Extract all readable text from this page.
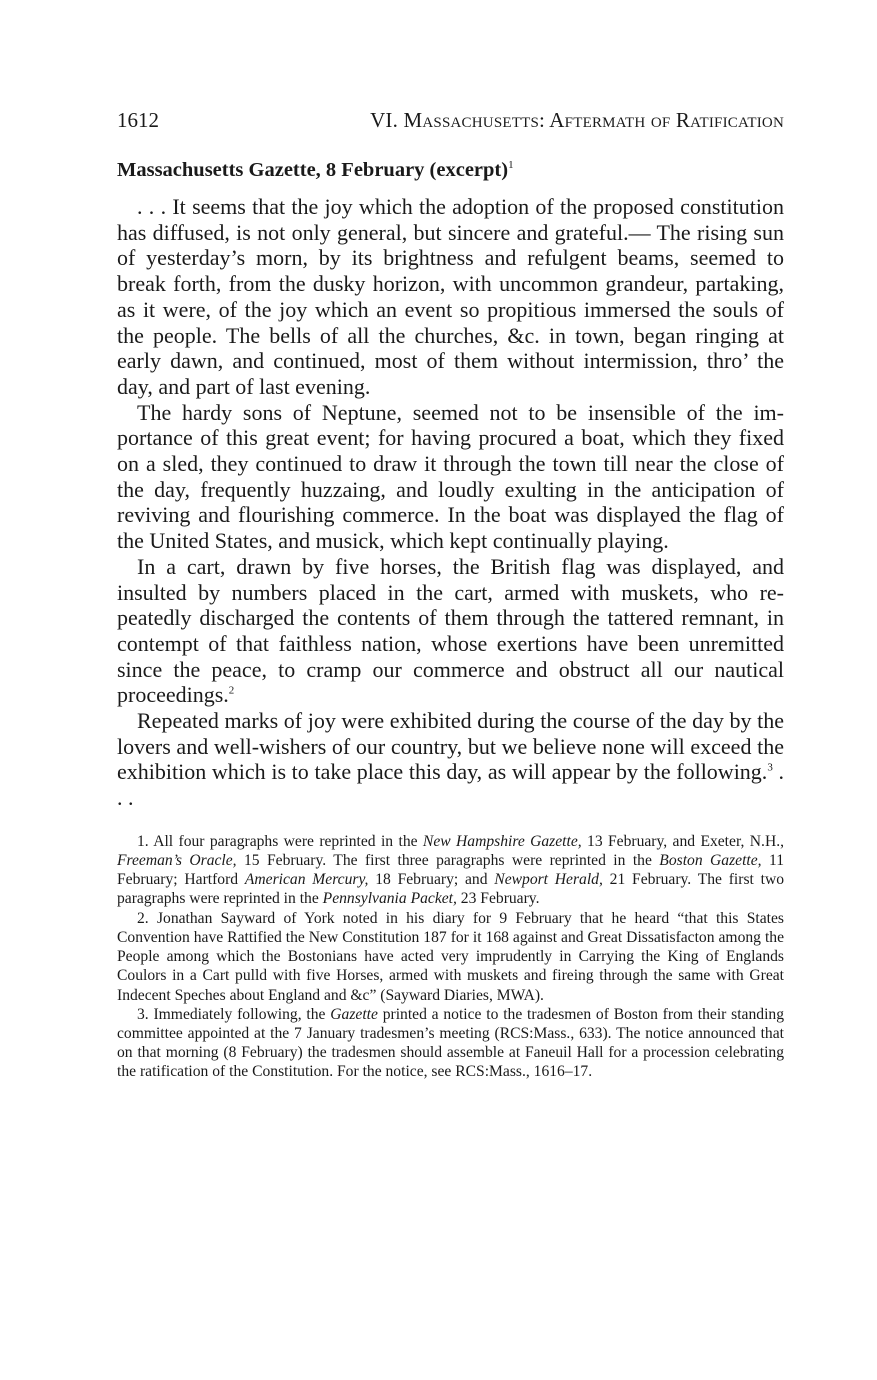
1612	VI. Massachusetts: Aftermath of Ratification
Massachusetts Gazette, 8 February (excerpt)$^1$

. . . It seems that the joy which the adoption of the proposed constitution has diffused, is not only general, but sincere and grateful.— The rising sun of yesterday’s morn, by its brightness and refulgent beams, seemed to break forth, from the dusky horizon, with uncommon grandeur, partaking, as it were, of the joy which an event so propitious immersed the souls of the people. The bells of all the churches, &c. in town, began ringing at early dawn, and continued, most of them without intermission, thro’ the day, and part of last evening.

The hardy sons of Neptune, seemed not to be insensible of the importance of this great event; for having procured a boat, which they fixed on a sled, they continued to draw it through the town till near the close of the day, frequently huzzaing, and loudly exulting in the anticipation of reviving and flourishing commerce. In the boat was displayed the flag of the United States, and musick, which kept continually playing.

In a cart, drawn by five horses, the British flag was displayed, and insulted by numbers placed in the cart, armed with muskets, who repeatedly discharged the contents of them through the tattered remnant, in contempt of that faithless nation, whose exertions have been unremitted since the peace, to cramp our commerce and obstruct all our nautical proceedings.$^2$

Repeated marks of joy were exhibited during the course of the day by the lovers and well-wishers of our country, but we believe none will exceed the exhibition which is to take place this day, as will appear by the following.$^3$ . . .

1. All four paragraphs were reprinted in the New Hampshire Gazette, 13 February, and Exeter, N.H., Freeman’s Oracle, 15 February. The first three paragraphs were reprinted in the Boston Gazette, 11 February; Hartford American Mercury, 18 February; and Newport Herald, 21 February. The first two paragraphs were reprinted in the Pennsylvania Packet, 23 February.

2. Jonathan Sayward of York noted in his diary for 9 February that he heard “that this States Convention have Rattified the New Constitution 187 for it 168 against and Great Dissatisfacton among the People among which the Bostonians have acted very imprudently in Carrying the King of Englands Coulors in a Cart pulld with five Horses, armed with muskets and fireing through the same with Great Indecent Speches about England and &c” (Sayward Diaries, MWA).

3. Immediately following, the Gazette printed a notice to the tradesmen of Boston from their standing committee appointed at the 7 January tradesmen’s meeting (RCS:Mass., 633). The notice announced that on that morning (8 February) the tradesmen should assemble at Faneuil Hall for a procession celebrating the ratification of the Constitution. For the notice, see RCS:Mass., 1616–17.
